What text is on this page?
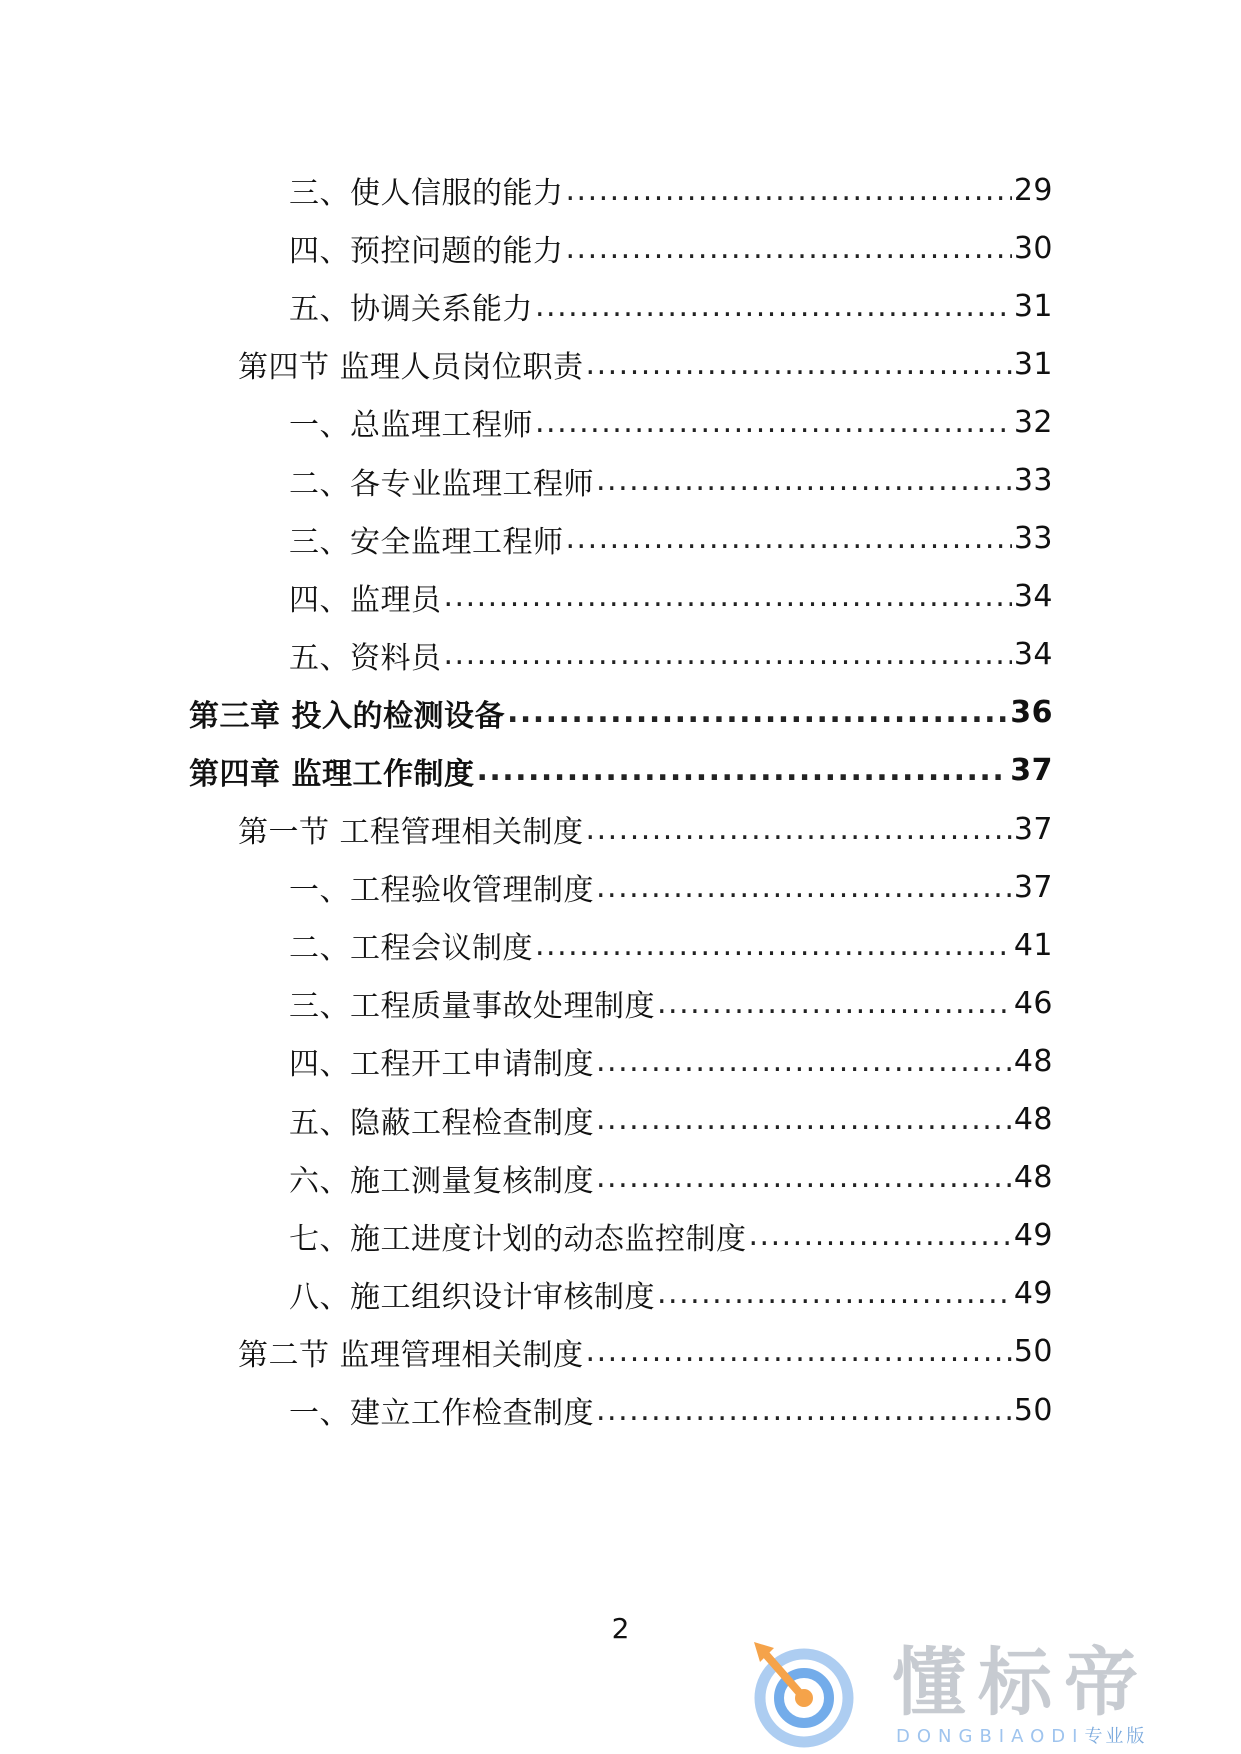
三、使人信服的能力 .....	29
四、预控问题的能力 .....	30
五、协调关系能力 .....	31
第四节 监理人员岗位职责 .....	31
一、总监理工程师 .....	32
二、各专业监理工程师 .....	33
三、安全监理工程师 .....	33
四、监理员 .....	34
五、资料员 .....	34
第三章 投入的检测设备 .....	36
第四章 监理工作制度 .....	37
第一节 工程管理相关制度 .....	37
一、工程验收管理制度 .....	37
二、工程会议制度 .....	41
三、工程质量事故处理制度 .....	46
四、工程开工申请制度 .....	48
五、隐蔽工程检查制度 .....	48
六、施工测量复核制度 .....	48
七、施工进度计划的动态监控制度 .....	49
八、施工组织设计审核制度 .....	49
第二节 监理管理相关制度 .....	50
一、建立工作检查制度 .....	50
2
懂标帝
DONGBIAODI专业版
